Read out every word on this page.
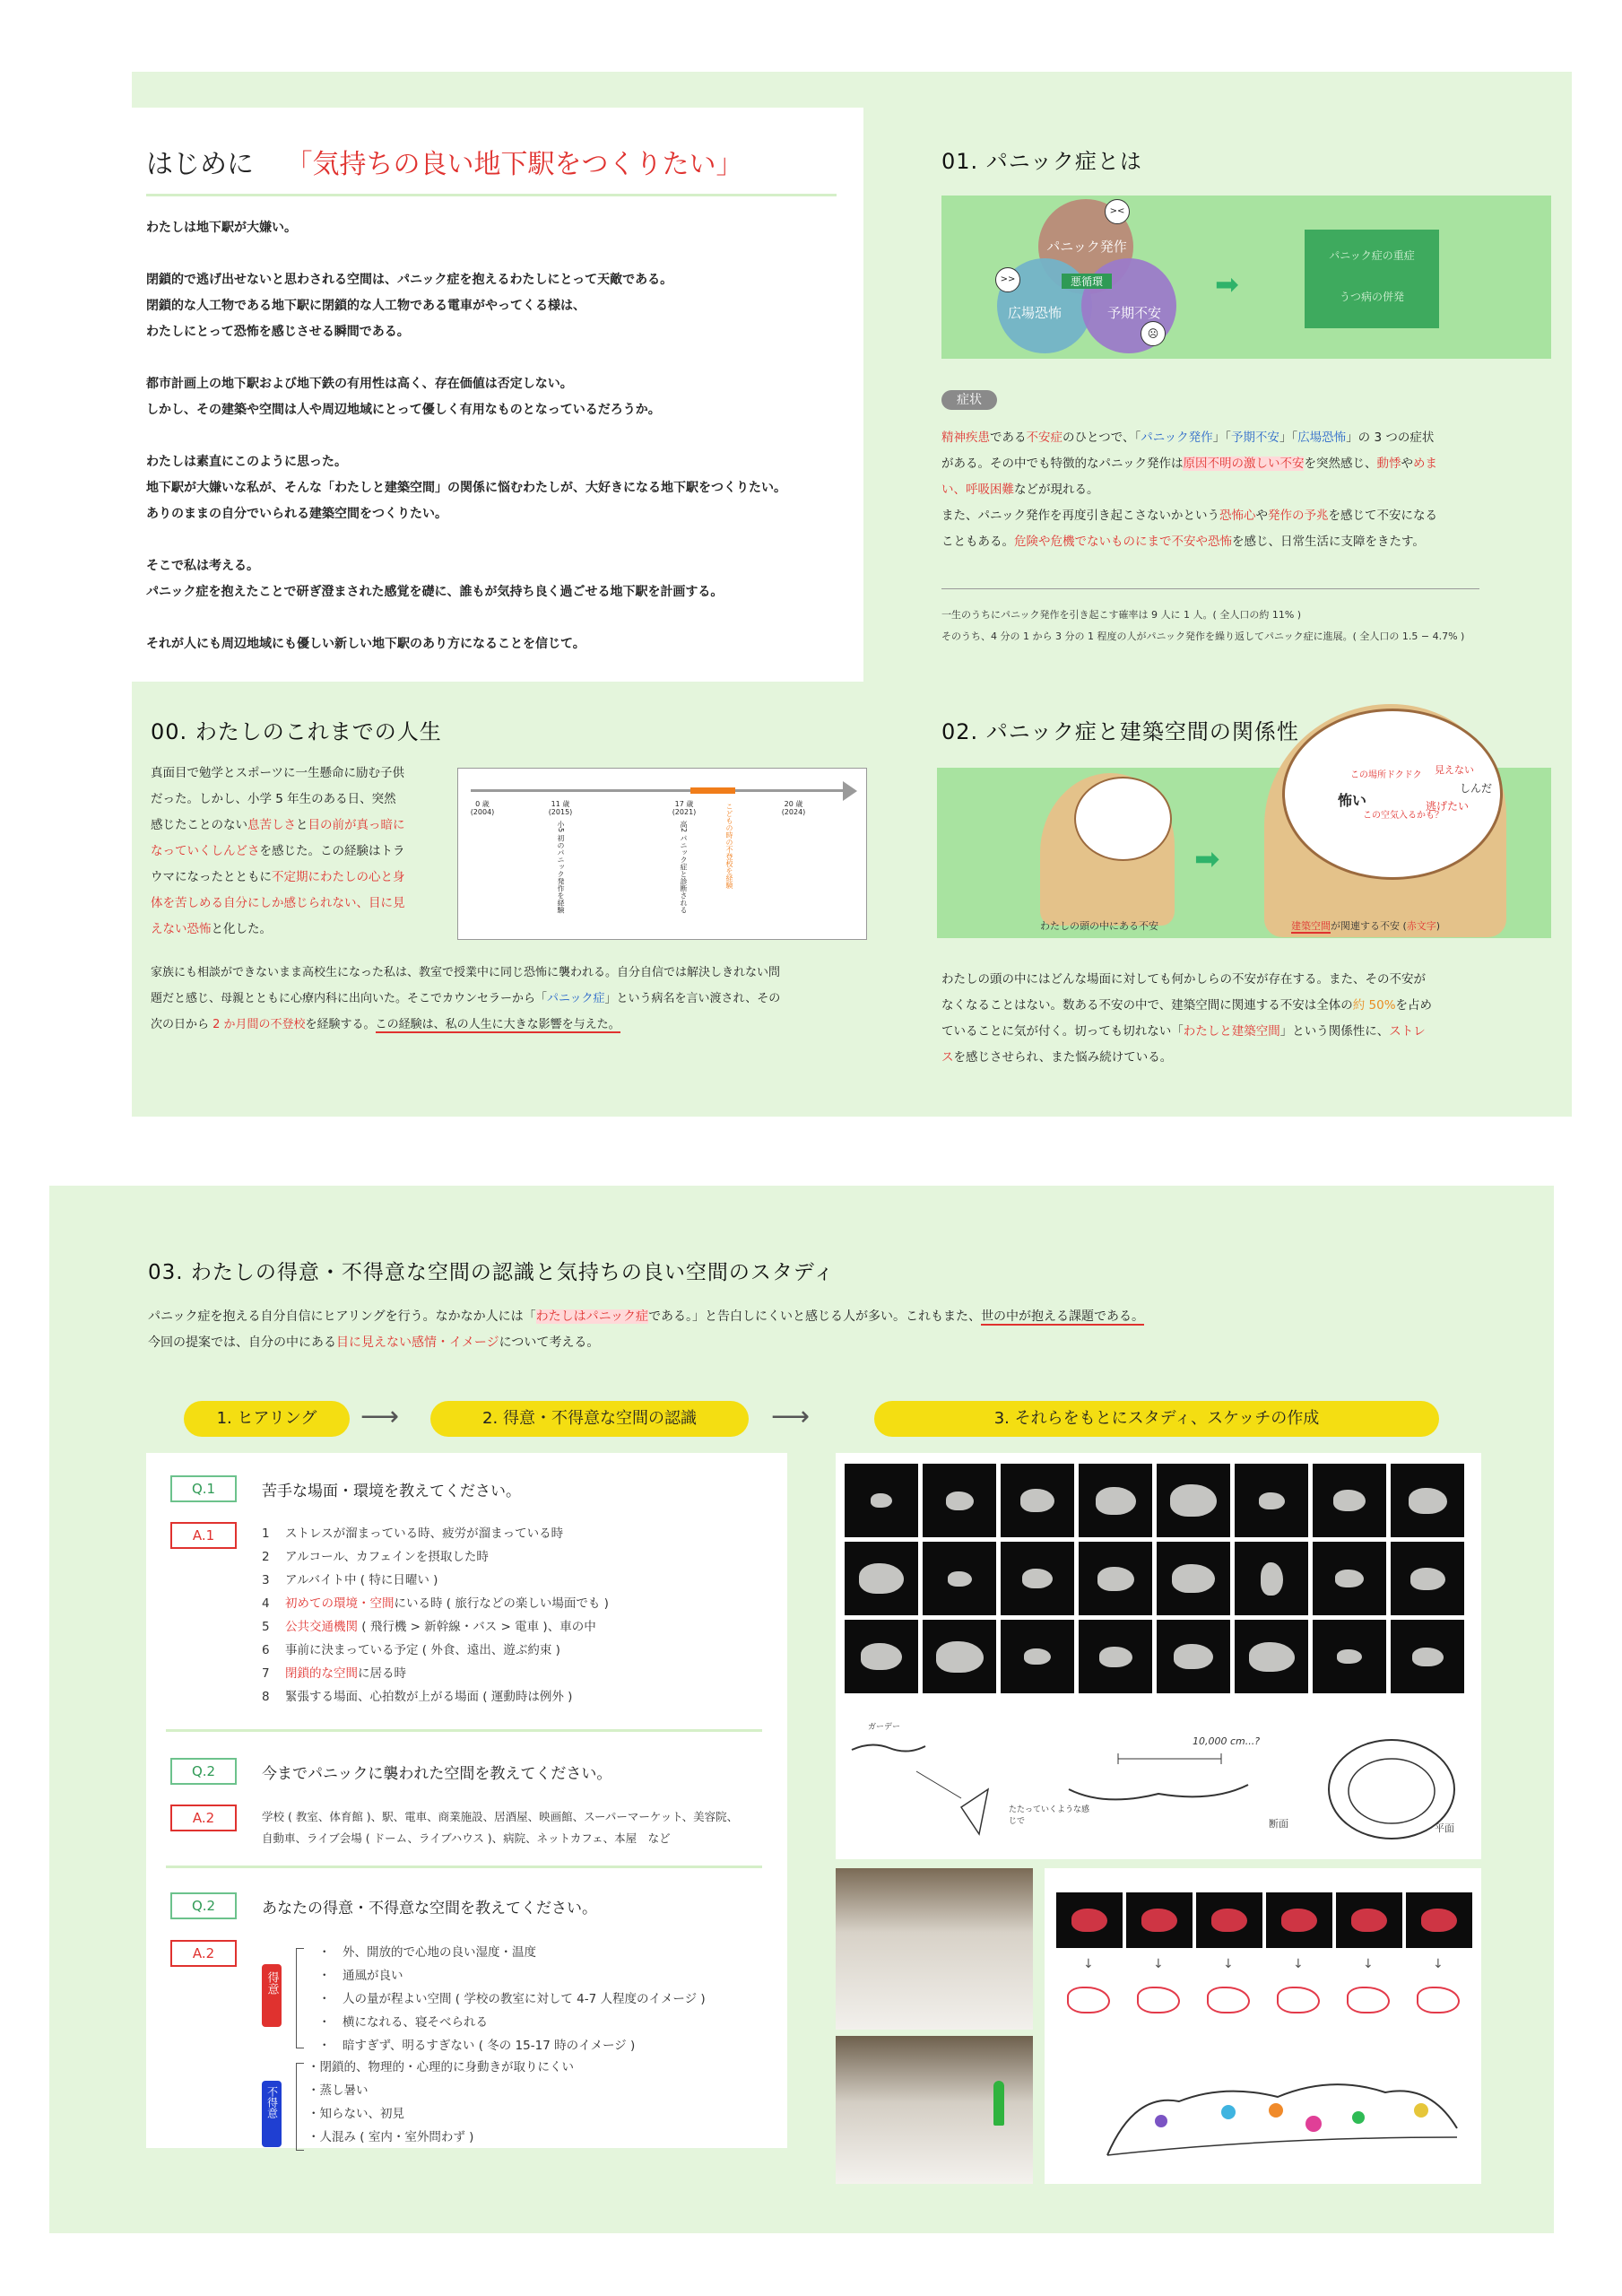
はじめに 「気持ちの良い地下駅をつくりたい」
わたしは地下駅が大嫌い。
閉鎖的で逃げ出せないと思わされる空間は、パニック症を抱えるわたしにとって天敵である。
閉鎖的な人工物である地下駅に閉鎖的な人工物である電車がやってくる様は、
わたしにとって恐怖を感じさせる瞬間である。
都市計画上の地下駅および地下鉄の有用性は高く、存在価値は否定しない。
しかし、その建築や空間は人や周辺地域にとって優しく有用なものとなっているだろうか。
わたしは素直にこのように思った。
地下駅が大嫌いな私が、そんな「わたしと建築空間」の関係に悩むわたしが、大好きになる地下駅をつくりたい。
ありのままの自分でいられる建築空間をつくりたい。
そこで私は考える。
パニック症を抱えたことで研ぎ澄まされた感覚を礎に、誰もが気持ち良く過ごせる地下駅を計画する。
それが人にも周辺地域にも優しい新しい地下駅のあり方になることを信じて。
01. パニック症とは
パニック発作
広場恐怖	予期不安
悪循環
><
>>
☹
➡
パニック症の重症
うつ病の併発
症状
精神疾患である不安症のひとつで、「パニック発作」「予期不安」「広場恐怖」の 3 つの症状
がある。その中でも特徴的なパニック発作は原因不明の激しい不安を突然感じ、動悸やめま
い、呼吸困難などが現れる。
また、パニック発作を再度引き起こさないかという恐怖心や発作の予兆を感じて不安になる
こともある。危険や危機でないものにまで不安や恐怖を感じ、日常生活に支障をきたす。
一生のうちにパニック発作を引き起こす確率は 9 人に 1 人。( 全人口の約 11% )
そのうち、4 分の 1 から 3 分の 1 程度の人がパニック発作を繰り返してパニック症に進展。( 全人口の 1.5 − 4.7% )
00. わたしのこれまでの人生
真面目で勉学とスポーツに一生懸命に励む子供
だった。しかし、小学 5 年生のある日、突然
感じたことのない息苦しさと目の前が真っ暗に
なっていくしんどさを感じた。この経験はトラ
ウマになったとともに不定期にわたしの心と身
体を苦しめる自分にしか感じられない、目に見
えない恐怖と化した。
0 歳
(2004)
11 歳
(2015)
17 歳
(2021)
20 歳
(2024)
小5 初のパニック発作を経験	高2 パニック症と診断される	こどもの時の不登校を経験
家族にも相談ができないまま高校生になった私は、教室で授業中に同じ恐怖に襲われる。自分自信では解決しきれない問
題だと感じ、母親とともに心療内科に出向いた。そこでカウンセラーから「パニック症」という病名を言い渡され、その
次の日から 2 か月間の不登校を経験する。この経験は、私の人生に大きな影響を与えた。
02. パニック症と建築空間の関係性
➡
怖い	逃げたい
しんだ
見えない
この空気入るかも？
この場所ドクドク
わたしの頭の中にある不安	建築空間が関連する不安 (赤文字)
わたしの頭の中にはどんな場面に対しても何かしらの不安が存在する。また、その不安が
なくなることはない。数ある不安の中で、建築空間に関連する不安は全体の約 50%を占め
ていることに気が付く。切っても切れない「わたしと建築空間」という関係性に、ストレ
スを感じさせられ、また悩み続けている。
03. わたしの得意・不得意な空間の認識と気持ちの良い空間のスタディ
パニック症を抱える自分自信にヒアリングを行う。なかなか人には「わたしはパニック症である。」と告白しにくいと感じる人が多い。これもまた、世の中が抱える課題である。
今回の提案では、自分の中にある目に見えない感情・イメージについて考える。
1. ヒアリング	⟶	2. 得意・不得意な空間の認識	⟶	3. それらをもとにスタディ、スケッチの作成
Q.1	苦手な場面・環境を教えてください。
A.1	1 ストレスが溜まっている時、疲労が溜まっている時
2 アルコール、カフェインを摂取した時
3 アルバイト中 ( 特に日曜い )
4 初めての環境・空間にいる時 ( 旅行などの楽しい場面でも )
5 公共交通機関 ( 飛行機 > 新幹線・バス > 電車 )、車の中
6 事前に決まっている予定 ( 外食、遠出、遊ぶ約束 )
7 閉鎖的な空間に居る時
8 緊張する場面、心拍数が上がる場面 ( 運動時は例外 )
Q.2	今までパニックに襲われた空間を教えてください。
A.2	学校 ( 教室、体育館 )、駅、電車、商業施設、居酒屋、映画館、スーパーマーケット、美容院、
自動車、ライブ会場 ( ドーム、ライブハウス )、病院、ネットカフェ、本屋　など
Q.2	あなたの得意・不得意な空間を教えてください。
A.2
得意
・　外、開放的で心地の良い湿度・温度
・　通風が良い
・　人の量が程よい空間 ( 学校の教室に対して 4-7 人程度のイメージ )
・　横になれる、寝そべられる
・　暗すぎず、明るすぎない ( 冬の 15-17 時のイメージ )
不得意
・閉鎖的、物理的・心理的に身動きが取りにくい
・蒸し暑い
・知らない、初見
・人混み ( 室内・室外問わず )
ガーデー
たたっていくような感じで
10,000 cm...?
断面	平面
↓	↓	↓	↓	↓	↓
